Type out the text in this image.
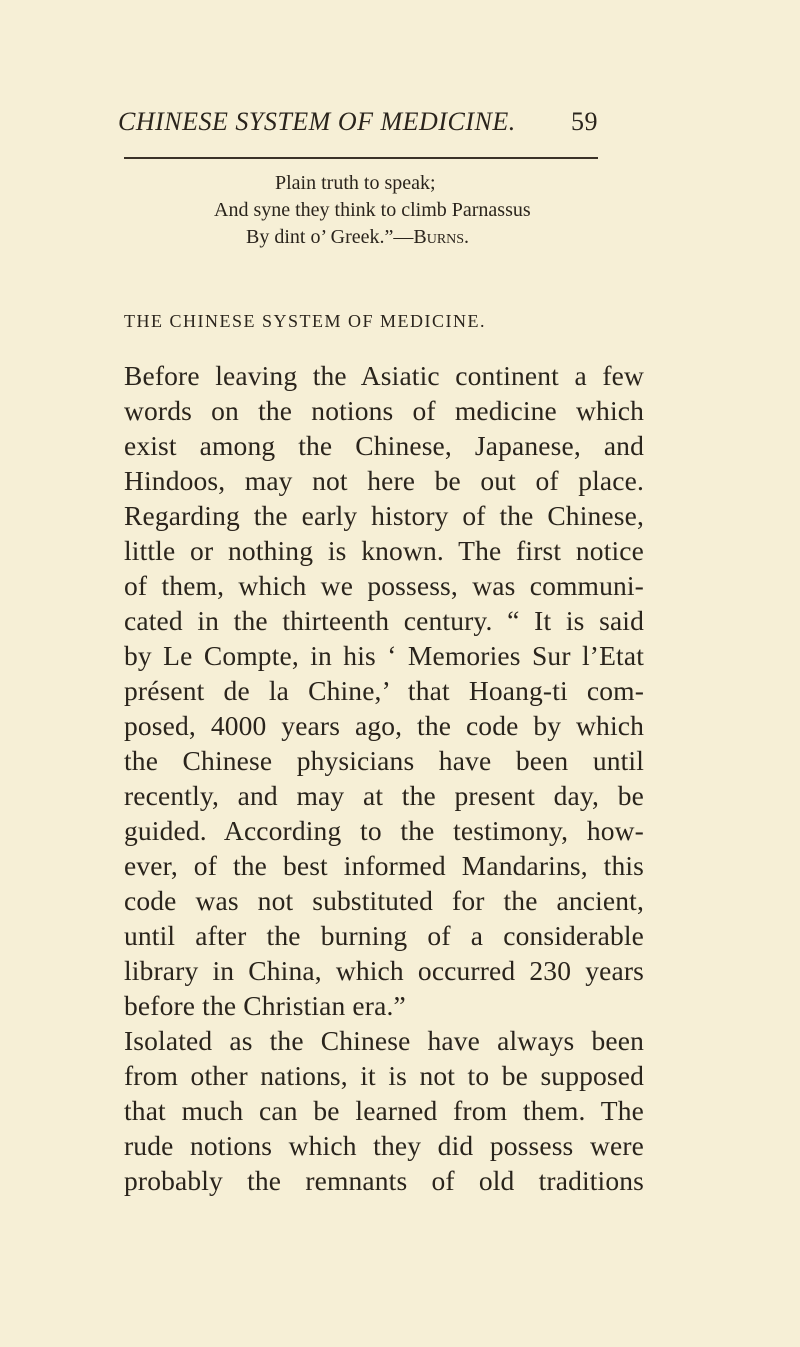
CHINESE SYSTEM OF MEDICINE. 59
Plain truth to speak;
And syne they think to climb Parnassus
By dint o’ Greek.”—Burns.
THE CHINESE SYSTEM OF MEDICINE.
Before leaving the Asiatic continent a few
words on the notions of medicine which
exist among the Chinese, Japanese, and
Hindoos, may not here be out of place.
Regarding the early history of the Chinese,
little or nothing is known. The first notice
of them, which we possess, was communi-
cated in the thirteenth century. “ It is said
by Le Compte, in his ‘ Memories Sur l’Etat
présent de la Chine,’ that Hoang-ti com-
posed, 4000 years ago, the code by which
the Chinese physicians have been until
recently, and may at the present day, be
guided. According to the testimony, how-
ever, of the best informed Mandarins, this
code was not substituted for the ancient,
until after the burning of a considerable
library in China, which occurred 230 years
before the Christian era.”
Isolated as the Chinese have always been
from other nations, it is not to be supposed
that much can be learned from them. The
rude notions which they did possess were
probably the remnants of old traditions
